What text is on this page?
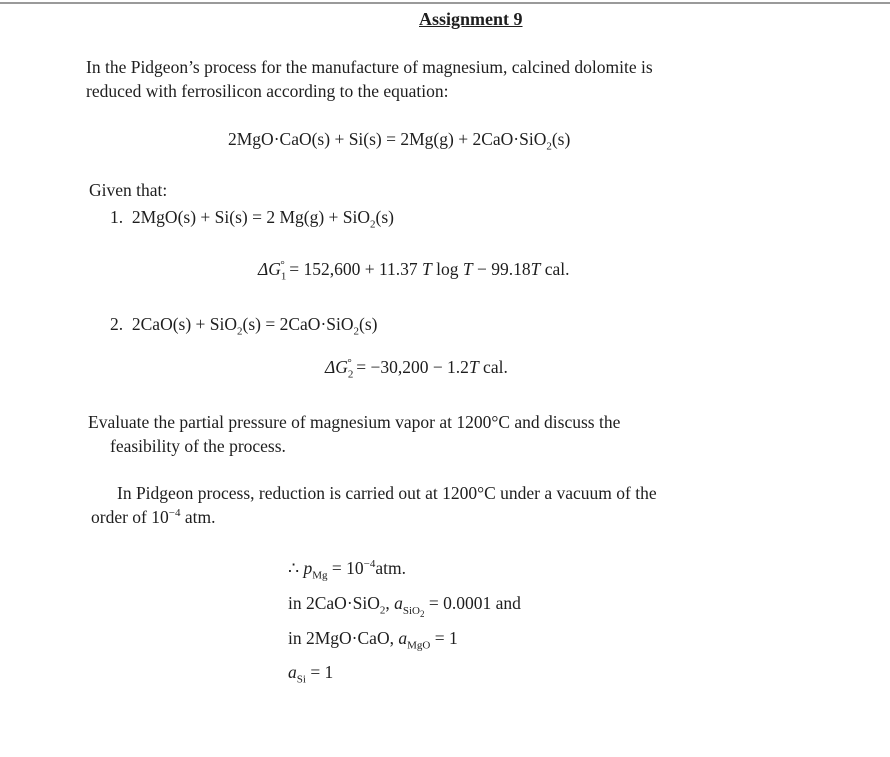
Assignment 9
In the Pidgeon’s process for the manufacture of magnesium, calcined dolomite is
reduced with ferrosilicon according to the equation:
2MgO·CaO(s) + Si(s) = 2Mg(g) + 2CaO·SiO$_2$(s)
Given that:
1. 2MgO(s) + Si(s) = 2 Mg(g) + SiO$_2$(s)
$\Delta G_1^\circ = 152,600 + 11.37$ T log T − 99.18T cal.
2. 2CaO(s) + SiO$_2$(s) = 2CaO·SiO$_2$(s)
$\Delta G_2^\circ = -30,200 - 1.2T$ cal.
Evaluate the partial pressure of magnesium vapor at 1200°C and discuss the
feasibility of the process.
In Pidgeon process, reduction is carried out at 1200°C under a vacuum of the
order of $10^{-4}$ atm.
∴ $p_{Mg} = 10^{-4}atm$.
in 2CaO·SiO$_2$, $a_{SiO_2} = 0.0001$ and
in 2MgO·CaO, $a_{MgO} = 1$
$a_{Si} = 1$
